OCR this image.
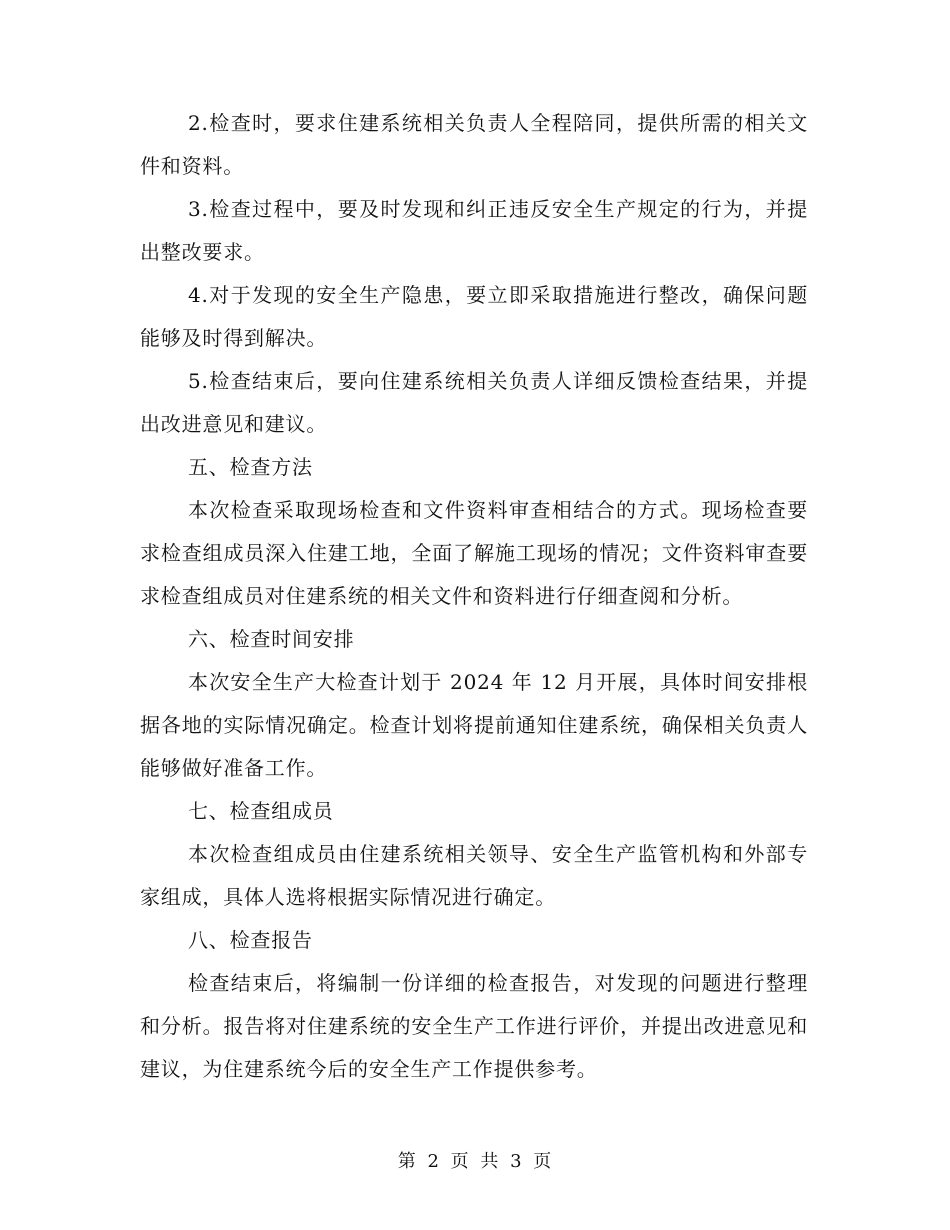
2.检查时，要求住建系统相关负责人全程陪同，提供所需的相关文件和资料。

3.检查过程中，要及时发现和纠正违反安全生产规定的行为，并提出整改要求。

4.对于发现的安全生产隐患，要立即采取措施进行整改，确保问题能够及时得到解决。

5.检查结束后，要向住建系统相关负责人详细反馈检查结果，并提出改进意见和建议。

五、检查方法

本次检查采取现场检查和文件资料审查相结合的方式。现场检查要求检查组成员深入住建工地，全面了解施工现场的情况；文件资料审查要求检查组成员对住建系统的相关文件和资料进行仔细查阅和分析。

六、检查时间安排

本次安全生产大检查计划于 2024 年 12 月开展，具体时间安排根据各地的实际情况确定。检查计划将提前通知住建系统，确保相关负责人能够做好准备工作。

七、检查组成员

本次检查组成员由住建系统相关领导、安全生产监管机构和外部专家组成，具体人选将根据实际情况进行确定。

八、检查报告

检查结束后，将编制一份详细的检查报告，对发现的问题进行整理和分析。报告将对住建系统的安全生产工作进行评价，并提出改进意见和建议，为住建系统今后的安全生产工作提供参考。

第 2 页 共 3 页
